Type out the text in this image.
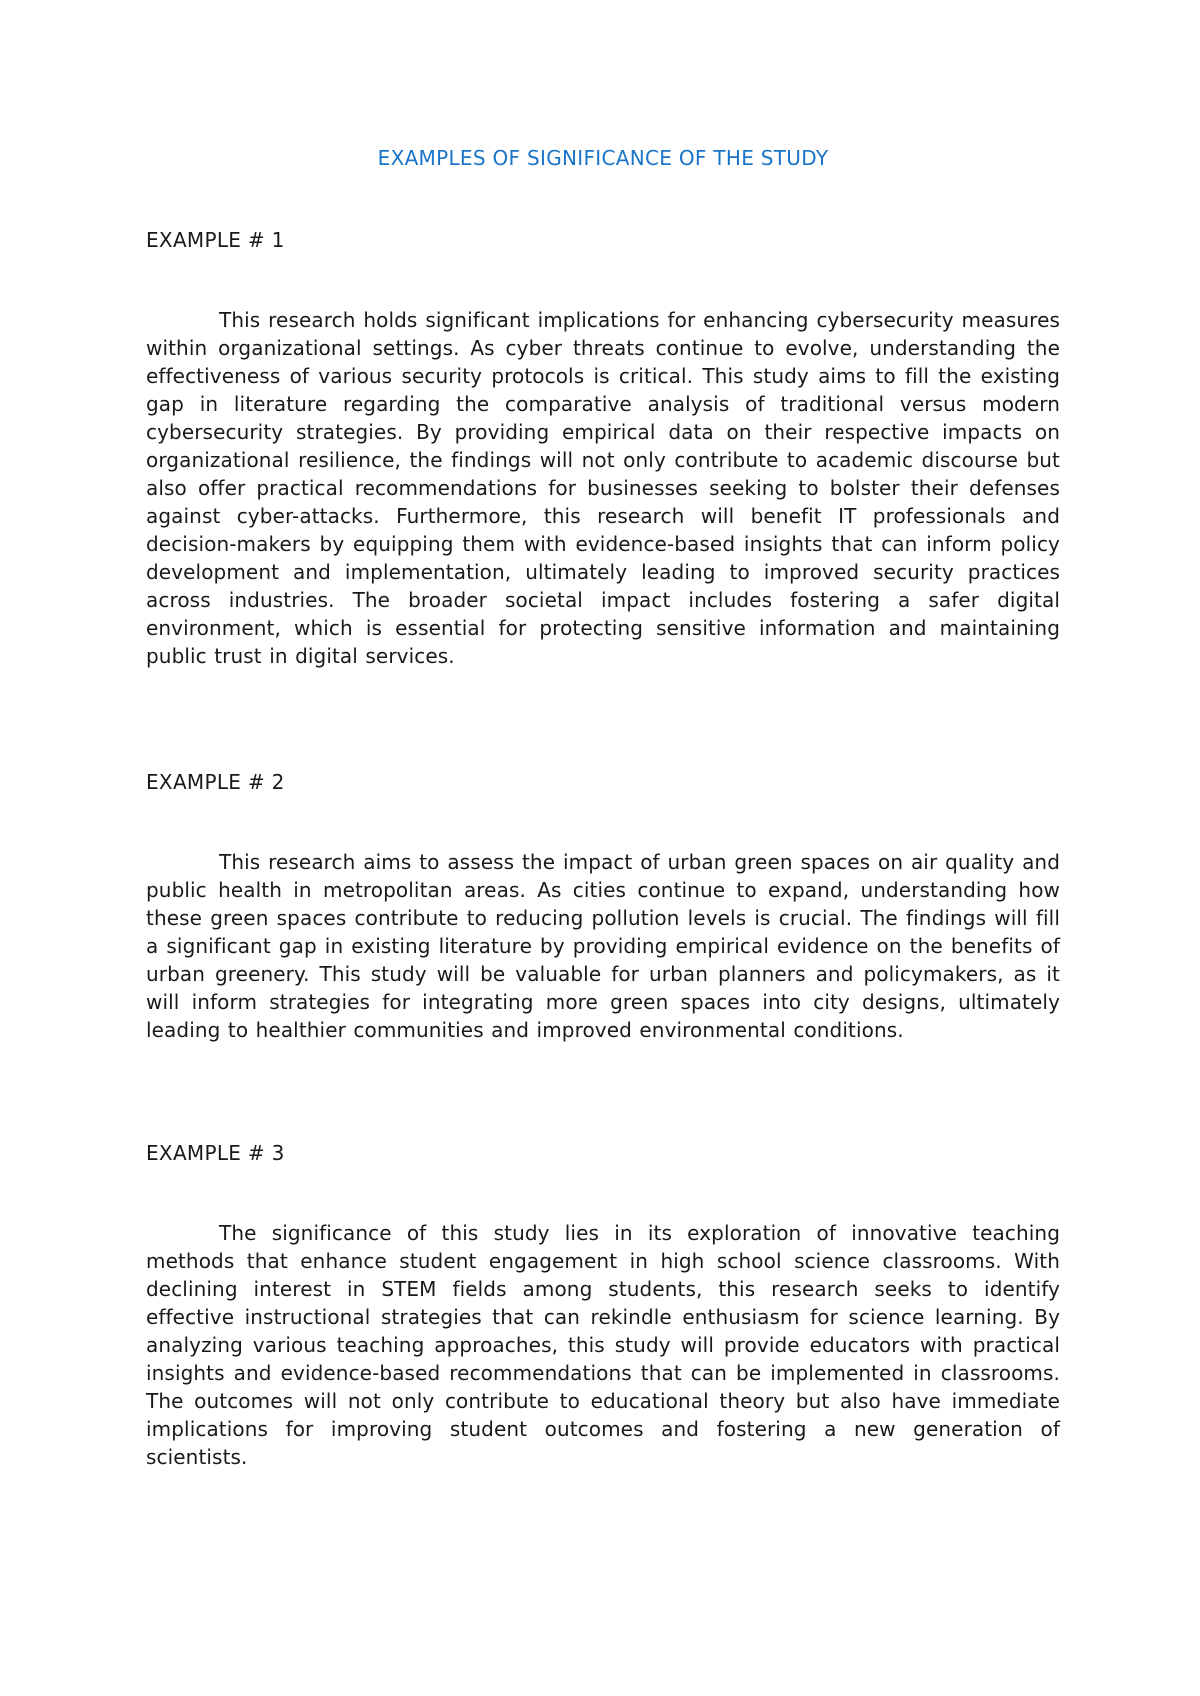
EXAMPLES OF SIGNIFICANCE OF THE STUDY
EXAMPLE # 1

This research holds significant implications for enhancing cybersecurity measures within organizational settings. As cyber threats continue to evolve, understanding the effectiveness of various security protocols is critical. This study aims to fill the existing gap in literature regarding the comparative analysis of traditional versus modern cybersecurity strategies. By providing empirical data on their respective impacts on organizational resilience, the findings will not only contribute to academic discourse but also offer practical recommendations for businesses seeking to bolster their defenses against cyber-attacks. Furthermore, this research will benefit IT professionals and decision-makers by equipping them with evidence-based insights that can inform policy development and implementation, ultimately leading to improved security practices across industries. The broader societal impact includes fostering a safer digital environment, which is essential for protecting sensitive information and maintaining public trust in digital services.

EXAMPLE # 2

This research aims to assess the impact of urban green spaces on air quality and public health in metropolitan areas. As cities continue to expand, understanding how these green spaces contribute to reducing pollution levels is crucial. The findings will fill a significant gap in existing literature by providing empirical evidence on the benefits of urban greenery. This study will be valuable for urban planners and policymakers, as it will inform strategies for integrating more green spaces into city designs, ultimately leading to healthier communities and improved environmental conditions.

EXAMPLE # 3

The significance of this study lies in its exploration of innovative teaching methods that enhance student engagement in high school science classrooms. With declining interest in STEM fields among students, this research seeks to identify effective instructional strategies that can rekindle enthusiasm for science learning. By analyzing various teaching approaches, this study will provide educators with practical insights and evidence-based recommendations that can be implemented in classrooms. The outcomes will not only contribute to educational theory but also have immediate implications for improving student outcomes and fostering a new generation of scientists.
